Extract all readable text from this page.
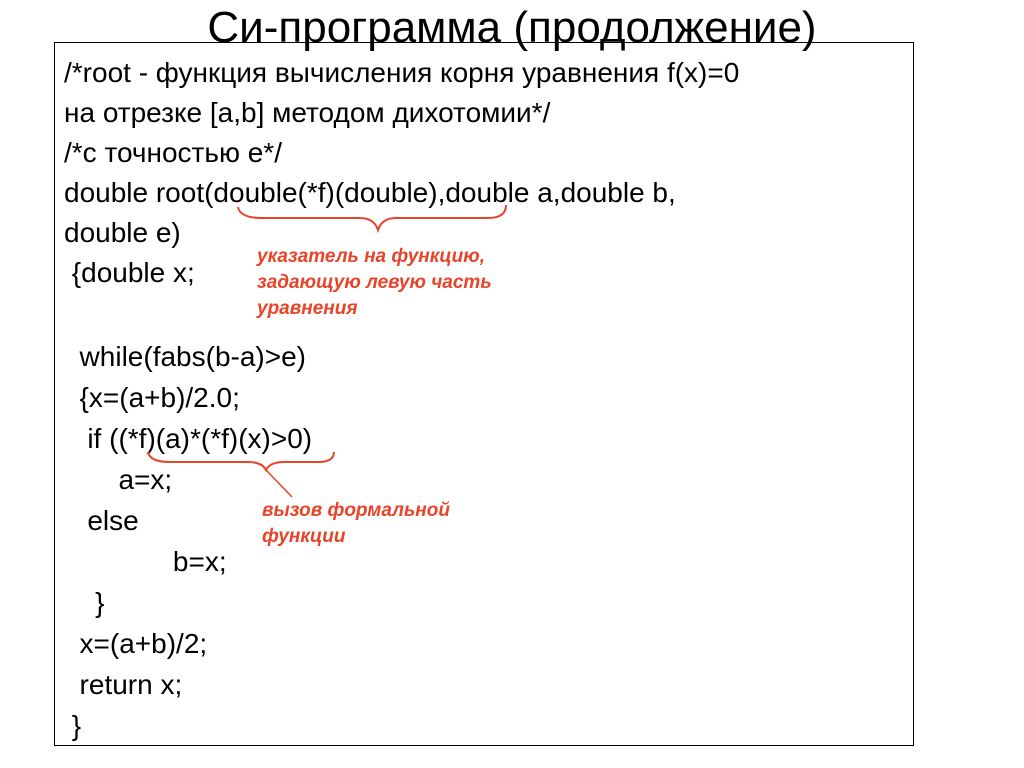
Си-программа (продолжение)
/*root - функция вычисления корня уравнения f(x)=0
на отрезке [a,b] методом дихотомии*/
/*с точностью e*/
double root(double(*f)(double),double a,double b,
double e)
{double x;
while(fabs(b-a)>e)
{x=(a+b)/2.0;
if ((*f)(a)*(*f)(x)>0)
a=x;
else
b=x;
}
x=(a+b)/2;
return x;
}
указатель на функцию,
задающую левую часть
уравнения
вызов формальной
функции
